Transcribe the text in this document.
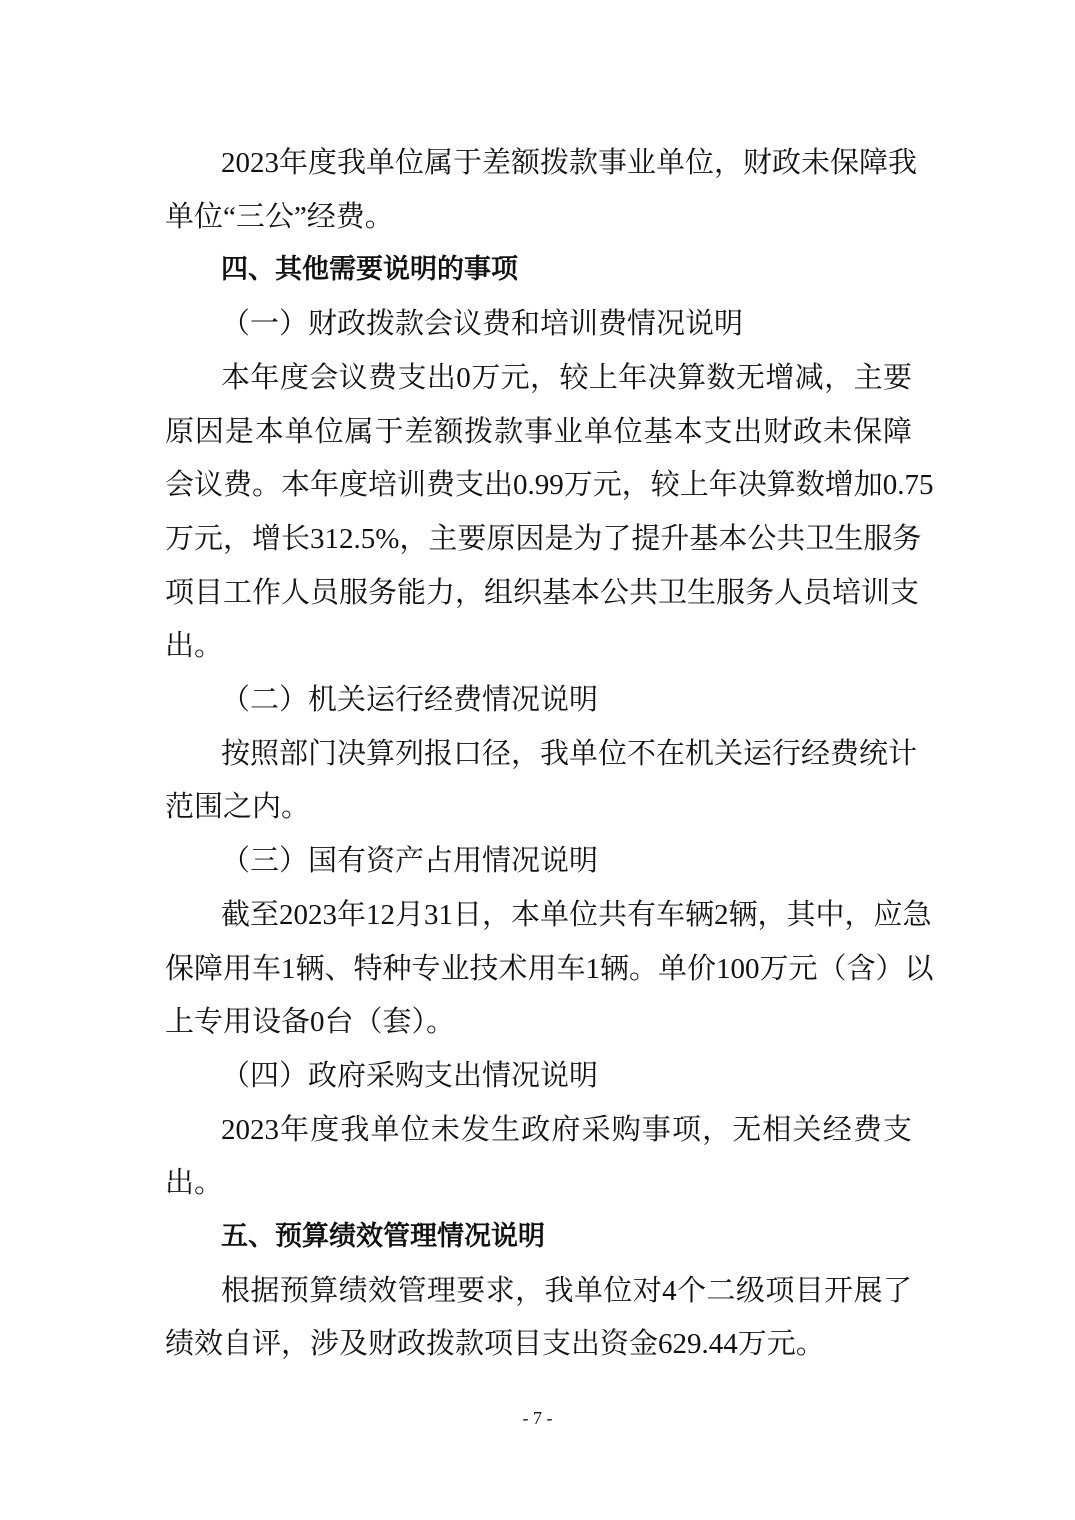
2023年度我单位属于差额拨款事业单位，财政未保障我
单位“三公”经费。
四、其他需要说明的事项
（一）财政拨款会议费和培训费情况说明
本年度会议费支出0万元，较上年决算数无增减，主要
原因是本单位属于差额拨款事业单位基本支出财政未保障
会议费。本年度培训费支出0.99万元，较上年决算数增加0.75
万元，增长312.5%，主要原因是为了提升基本公共卫生服务
项目工作人员服务能力，组织基本公共卫生服务人员培训支
出。
（二）机关运行经费情况说明
按照部门决算列报口径，我单位不在机关运行经费统计
范围之内。
（三）国有资产占用情况说明
截至2023年12月31日，本单位共有车辆2辆，其中，应急
保障用车1辆、特种专业技术用车1辆。单价100万元（含）以
上专用设备0台（套）。
（四）政府采购支出情况说明
2023年度我单位未发生政府采购事项，无相关经费支
出。
五、预算绩效管理情况说明
根据预算绩效管理要求，我单位对4个二级项目开展了
绩效自评，涉及财政拨款项目支出资金629.44万元。
- 7 -
